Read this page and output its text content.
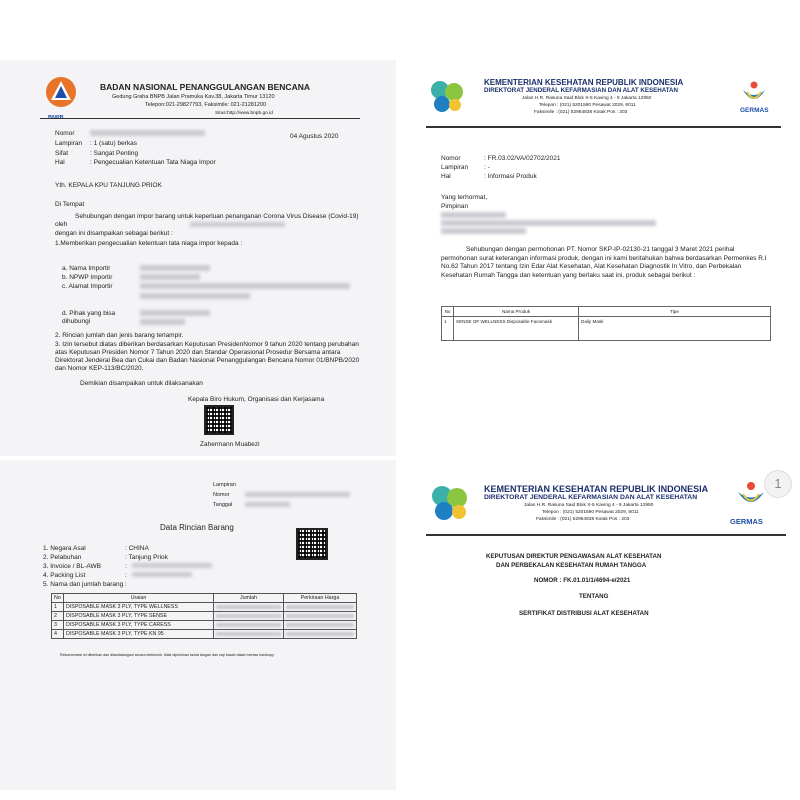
BADAN NASIONAL PENANGGULANGAN BENCANA
Gedung Graha BNPB Jalan Pramuka Kav.38, Jakarta Timur 13120
Telepon:021-29827793, Faksimile: 021-21281200
Situs:http://www.bnpb.go.id
Nomor	04 Agustus 2020
Lampiran : 1 (satu) berkas
Sifat	: Sangat Penting
Hal	: Pengecualian Ketentuan Tata Niaga Impor
Yth. KEPALA KPU TANJUNG PRIOK
Di Tempat
Sehubungan dengan impor barang untuk keperluan penanganan Corona Virus Disease (Covid-19) oleh
dengan ini disampaikan sebagai berikut :
1.Memberikan pengecualian ketentuan tata niaga impor kepada :
a. Nama Importir
b. NPWP Importir
c. Alamat Importir
d. Pihak yang bisa dihubungi
2. Rincian jumlah dan jenis barang terlampir.
3. Izin tersebut diatas diberikan berdasarkan Keputusan PresidenNomor 9 tahun 2020 tentang perubahan atas Keputusan Presiden Nomor 7 Tahun 2020 dan Standar Operasional Prosedur Bersama antara Direktorat Jenderal Bea dan Cukai dan Badan Nasional Penanggulangan Bencana Nomor 01/BNPB/2020 dan Nomor KEP-113/BC/2020.
Demikian disampaikan untuk dilaksanakan
Kepala Biro Hukum, Organisasi dan Kerjasama
Zahermann Muabezi
KEMENTERIAN KESEHATAN REPUBLIK INDONESIA
DIREKTORAT JENDERAL KEFARMASIAN DAN ALAT KESEHATAN
Jalan H.R. Rasuna Said Blok X-5 Kaving 4 - 9 Jakarta 12950
Telepon : (021) 5201590 Pesawat 2029, 8011
Faksimile : (021) 52964838 Kotak Pos : 203	GERMAS
Nomor	: FR.03.02/VA/02702/2021
Lampiran : -
Hal	: Informasi Produk
Yang terhormat,
Pimpinan
Sehubungan dengan permohonan PT. Nomor SKP-IP-02130-21 tanggal 3 Maret 2021 perihal permohonan surat keterangan informasi produk, dengan ini kami beritahukan bahwa berdasarkan Permenkes R.I No.62 Tahun 2017 tentang Izin Edar Alat Kesehatan, Alat Kesehatan Diagnostik In Vitro, dan Perbekalan Kesehatan Rumah Tangga dan ketentuan yang berlaku saat ini, produk sebagai berikut :
No	Nama Produk	Tipe
1	SENSE OF WELLNESS Disposable Facemask	Daily Mask
Lampiran
Nomor
Tanggal
Data Rincian Barang
1. Negara Asal	: CHINA
2. Pelabuhan	: Tanjung Priok
3. Invoice / BL-AWB	:
4. Packing List	:
5. Nama dan jumlah barang :
No	Uraian	Jumlah	Perkiraan Harga
1	DISPOSABLE MASK 3 PLY, TYPE WELLNESS	

2	DISPOSABLE MASK 3 PLY, TYPE SENSE	

3	DISPOSABLE MASK 3 PLY, TYPE CARESS	

4	DISPOSABLE MASK 3 PLY, TYPE KN 95	

Rekomendasi ini diberikan dan ditandatangani secara elektronik, tidak diperlukan tanda tangan dan cap basah dalam berkas hardcopy
KEMENTERIAN KESEHATAN REPUBLIK INDONESIA
DIREKTORAT JENDERAL KEFARMASIAN DAN ALAT KESEHATAN
Jalan H.R. Rasuna Said Blok X-5 Kaving 4 - 9 Jakarta 12950
Telepon : (021) 5201590 Pesawat 2029, 8011
Faksimile : (021) 52964838 Kotak Pos : 203	GERMAS
KEPUTUSAN DIREKTUR PENGAWASAN ALAT KESEHATAN
DAN PERBEKALAN KESEHATAN RUMAH TANGGA
NOMOR : FK.01.01/1/4694-e/2021
TENTANG
SERTIFIKAT DISTRIBUSI ALAT KESEHATAN
1
